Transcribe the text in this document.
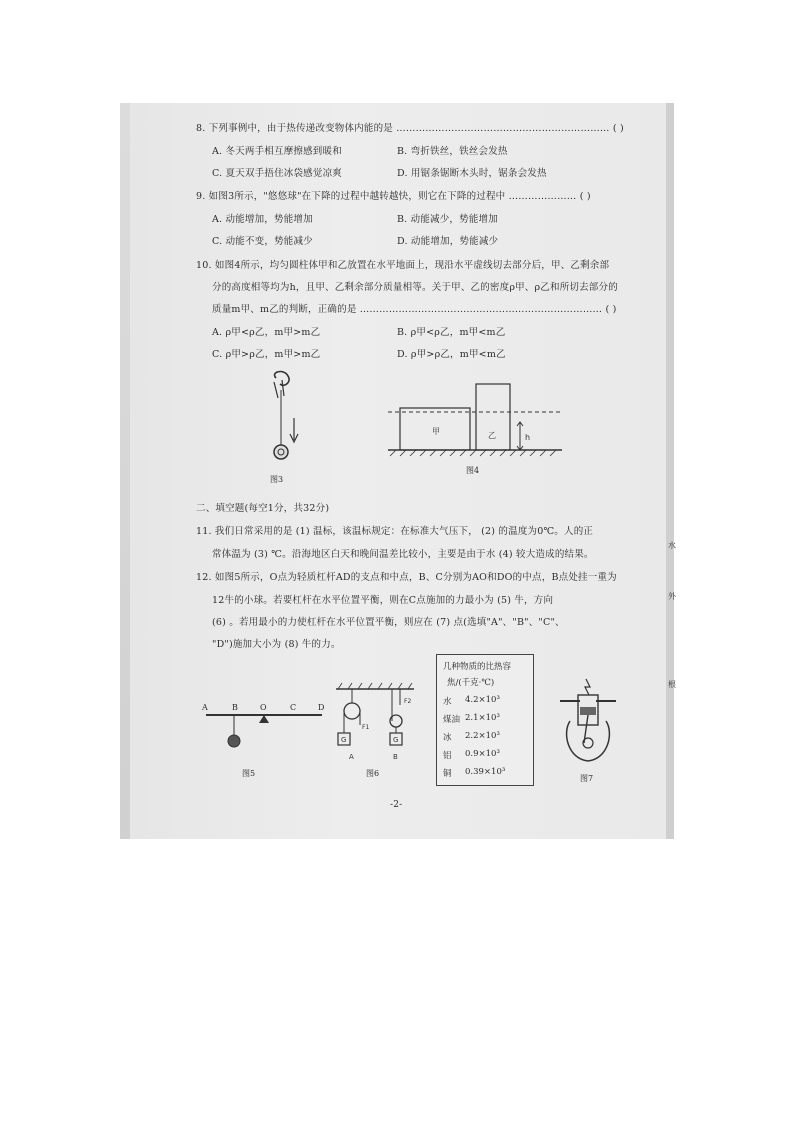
8. 下列事例中，由于热传递改变物体内能的是 ………………………………………………………… ( )
A. 冬天两手相互摩擦感到暖和	B. 弯折铁丝，铁丝会发热
C. 夏天双手捂住冰袋感觉凉爽	D. 用锯条锯断木头时，锯条会发热
9. 如图3所示，"悠悠球"在下降的过程中越转越快，则它在下降的过程中 ………………… ( )
A. 动能增加，势能增加	B. 动能减少，势能增加
C. 动能不变，势能减少	D. 动能增加，势能减少
10. 如图4所示，均匀圆柱体甲和乙放置在水平地面上，现沿水平虚线切去部分后，甲、乙剩余部
分的高度相等均为h，且甲、乙剩余部分质量相等。关于甲、乙的密度ρ甲、ρ乙和所切去部分的
质量m甲、m乙的判断，正确的是 ………………………………………………………………… ( )
A. ρ甲<ρ乙，m甲>m乙	B. ρ甲<ρ乙，m甲<m乙
C. ρ甲>ρ乙，m甲>m乙	D. ρ甲>ρ乙，m甲<m乙
图3
甲	乙	h
图4
二、填空题(每空1分，共32分)
11. 我们日常采用的是 (1) 温标，该温标规定：在标准大气压下， (2) 的温度为0℃。人的正
常体温为 (3) ℃。沿海地区白天和晚间温差比较小，主要是由于水 (4) 较大造成的结果。
12. 如图5所示，O点为轻质杠杆AD的支点和中点，B、C分别为AO和DO的中点，B点处挂一重为
12牛的小球。若要杠杆在水平位置平衡，则在C点施加的力最小为 (5) 牛，方向
(6) 。若用最小的力使杠杆在水平位置平衡，则应在 (7) 点(选填"A"、"B"、"C"、
"D")施加大小为 (8) 牛的力。
A	B	O	C	D
图5
G
F1
G
F2
A	B
图6
几种物质的比热容
焦/(千克·℃)
水 4.2×10³
煤油 2.1×10³
冰 2.2×10³
铝 0.9×10³
铜 0.39×10³
图7
-2-
水
外
根
